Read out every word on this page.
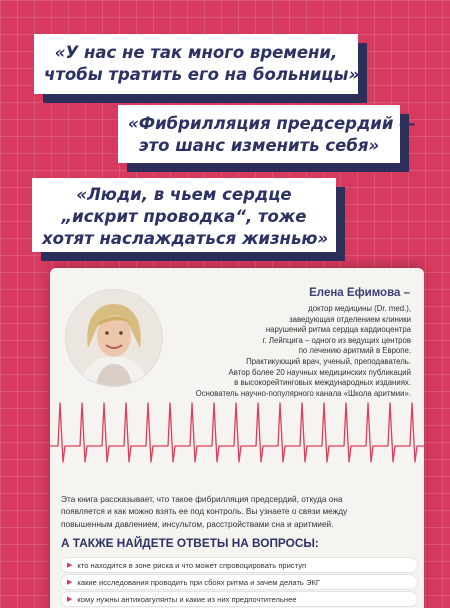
«У нас не так много времени,
чтобы тратить его на больницы»
«Фибрилляция предсердий —
это шанс изменить себя»
«Люди, в чьем сердце
„искрит проводка“, тоже
хотят наслаждаться жизнью»
Елена Ефимова –
доктор медицины (Dr. med.),
заведующая отделением клиники
нарушений ритма сердца кардиоцентра
г. Лейпцига – одного из ведущих центров
по лечению аритмий в Европе.
Практикующий врач, ученый, преподаватель.
Автор более 20 научных медицинских публикаций
в высокорейтинговых международных изданиях.
Основатель научно-популярного канала «Школа аритмии».
Эта книга рассказывает, что такое фибрилляция предсердий, откуда она
появляется и как можно взять ее под контроль. Вы узнаете о связи между
повышенным давлением, инсультом, расстройствами сна и аритмией.
А ТАКЖЕ НАЙДЕТЕ ОТВЕТЫ НА ВОПРОСЫ:
▶ кто находится в зоне риска и что может спровоцировать приступ
▶ какие исследования проводить при сбоях ритма и зачем делать ЭКГ
▶ кому нужны антикоагулянты и какие из них предпочтительнее
